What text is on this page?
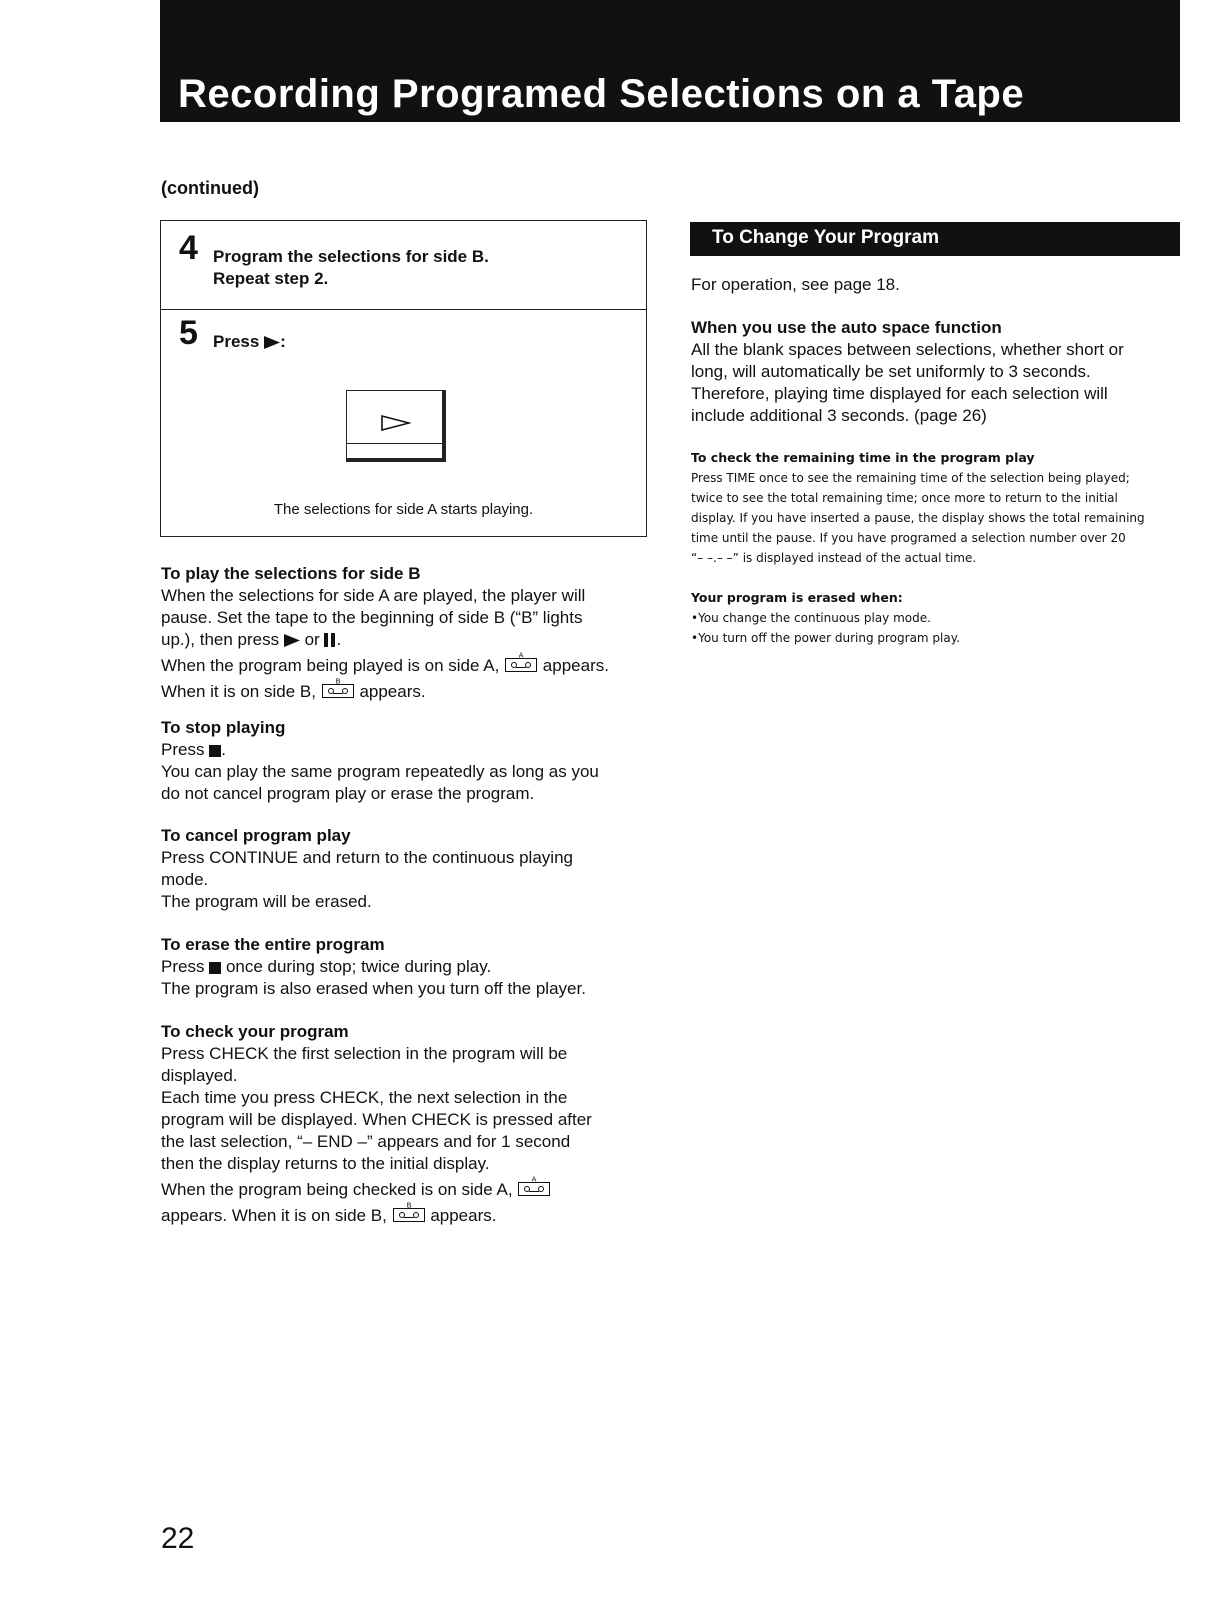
Recording Programed Selections on a Tape
(continued)
4 Program the selections for side B.
Repeat step 2.
5 Press :
The selections for side A starts playing.
To play the selections for side B

When the selections for side A are played, the player will

pause. Set the tape to the beginning of side B (“B” lights

up.), then press or .

When the program being played is on side A,
A
appears.

When it is on side B,
B
appears.

To stop playing

Press .

You can play the same program repeatedly as long as you

do not cancel program play or erase the program.

To cancel program play

Press CONTINUE and return to the continuous playing

mode.

The program will be erased.

To erase the entire program

Press once during stop; twice during play.

The program is also erased when you turn off the player.

To check your program

Press CHECK the first selection in the program will be

displayed.

Each time you press CHECK, the next selection in the

program will be displayed. When CHECK is pressed after

the last selection, “– END –” appears and for 1 second

then the display returns to the initial display.

When the program being checked is on side A,
A

appears. When it is on side B,
B
appears.

To Change Your Program
For operation, see page 18.
When you use the auto space function

All the blank spaces between selections, whether short or

long, will automatically be set uniformly to 3 seconds.

Therefore, playing time displayed for each selection will

include additional 3 seconds. (page 26)

To check the remaining time in the program play

Press TIME once to see the remaining time of the selection being played;

twice to see the total remaining time; once more to return to the initial

display. If you have inserted a pause, the display shows the total remaining

time until the pause. If you have programed a selection number over 20

“– –.– –” is displayed instead of the actual time.

Your program is erased when:
• You change the continuous play mode.
• You turn off the power during program play.
22
